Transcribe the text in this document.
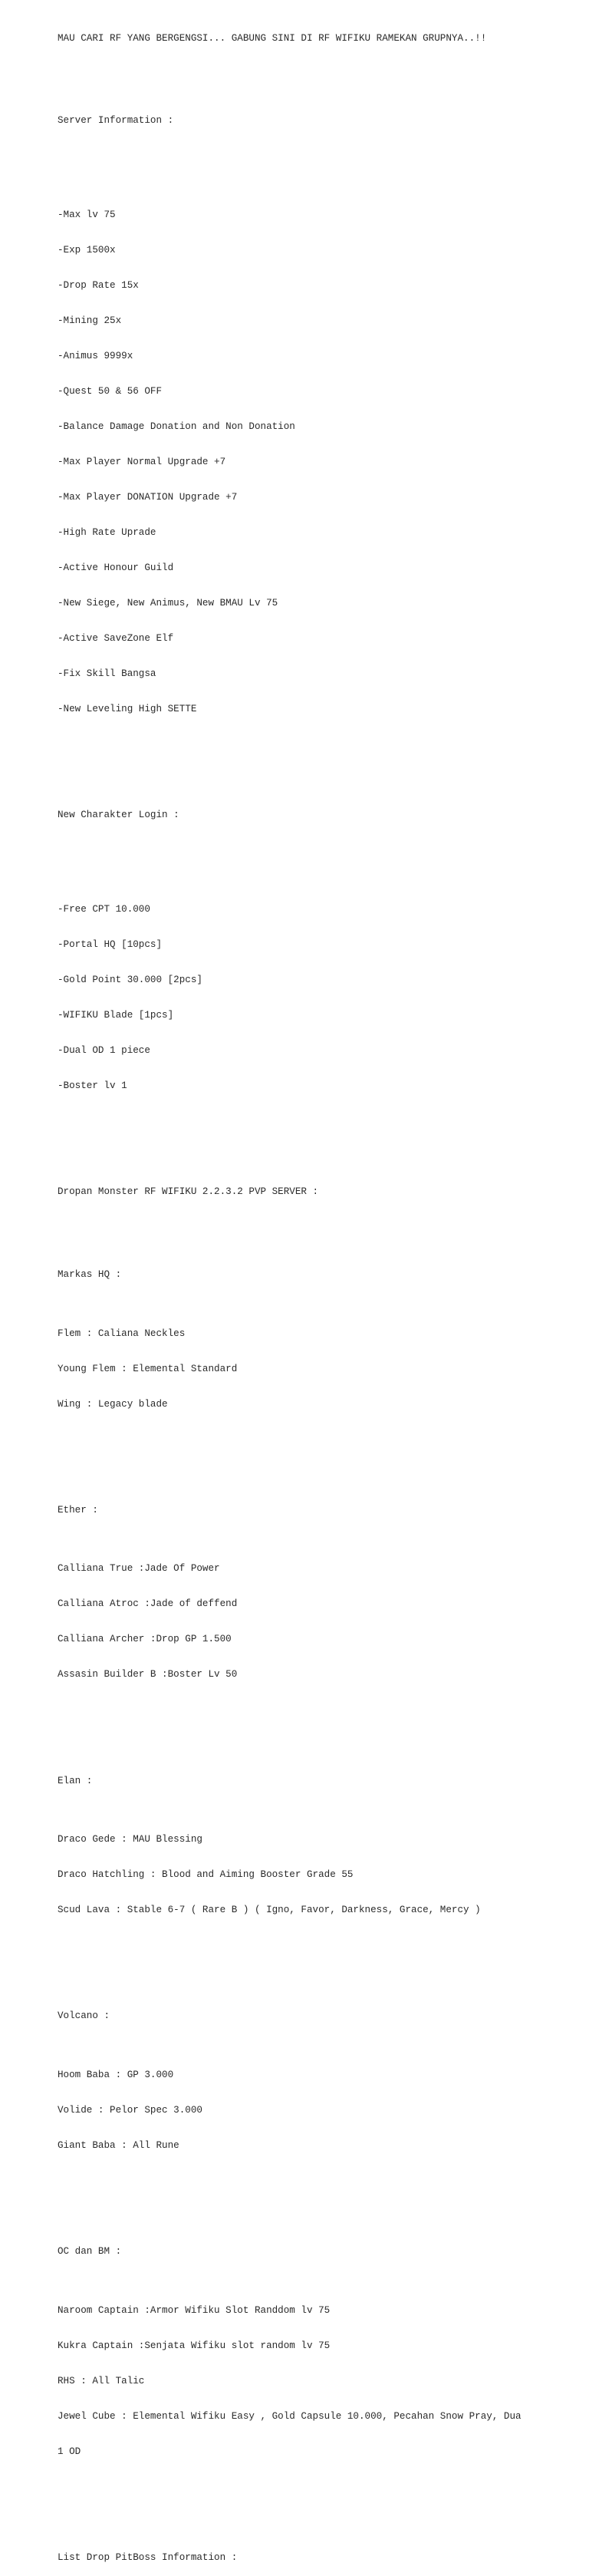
MAU CARI RF YANG BERGENGSI... GABUNG SINI DI RF WIFIKU RAMEKAN GRUPNYA..!!

Server Information :

-Max lv 75

-Exp 1500x

-Drop Rate 15x

-Mining 25x

-Animus 9999x

-Quest 50 & 56 OFF

-Balance Damage Donation and Non Donation

-Max Player Normal Upgrade +7

-Max Player DONATION Upgrade +7

-High Rate Uprade

-Active Honour Guild

-New Siege, New Animus, New BMAU Lv 75

-Active SaveZone Elf

-Fix Skill Bangsa

-New Leveling High SETTE

New Charakter Login :

-Free CPT 10.000

-Portal HQ [10pcs]

-Gold Point 30.000 [2pcs]

-WIFIKU Blade [1pcs]

-Dual OD 1 piece

-Boster lv 1

Dropan Monster RF WIFIKU 2.2.3.2 PVP SERVER :

Markas HQ :

Flem : Caliana Neckles

Young Flem : Elemental Standard

Wing : Legacy blade

Ether :

Calliana True :Jade Of Power

Calliana Atroc :Jade of deffend

Calliana Archer :Drop GP 1.500

Assasin Builder B :Boster Lv 50

Elan :

Draco Gede : MAU Blessing

Draco Hatchling : Blood and Aiming Booster Grade 55

Scud Lava : Stable 6-7 ( Rare B ) ( Igno, Favor, Darkness, Grace, Mercy )

Volcano :

Hoom Baba : GP 3.000

Volide : Pelor Spec 3.000

Giant Baba : All Rune

OC dan BM :

Naroom Captain :Armor Wifiku Slot Randdom lv 75

Kukra Captain :Senjata Wifiku slot random lv 75

RHS : All Talic

Jewel Cube : Elemental Wifiku Easy , Gold Capsule 10.000, Pecahan Snow Pray, Dua

1 OD

List Drop PitBoss Information :
